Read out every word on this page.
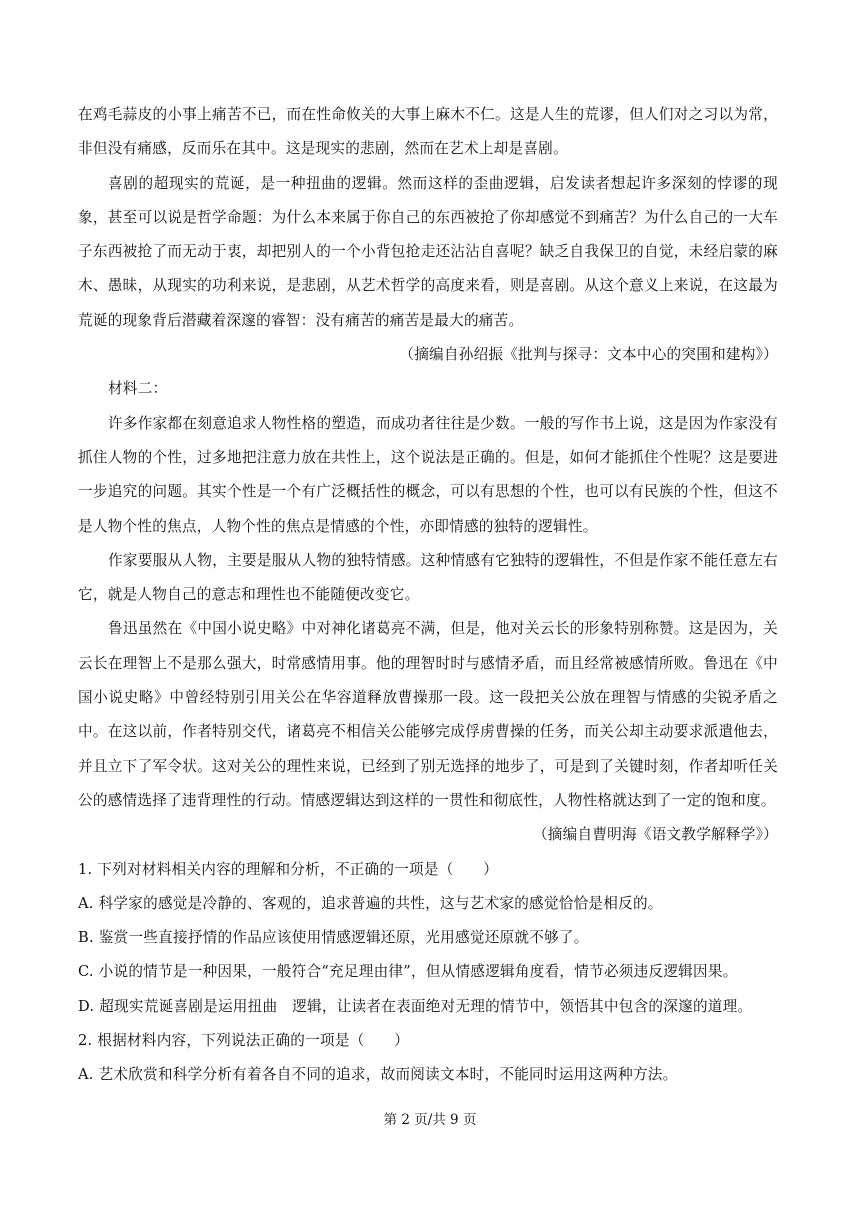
在鸡毛蒜皮的小事上痛苦不已，而在性命攸关的大事上麻木不仁。这是人生的荒谬，但人们对之习以为常，非但没有痛感，反而乐在其中。这是现实的悲剧，然而在艺术上却是喜剧。

喜剧的超现实的荒诞，是一种扭曲的逻辑。然而这样的歪曲逻辑，启发读者想起许多深刻的悖谬的现象，甚至可以说是哲学命题：为什么本来属于你自己的东西被抢了你却感觉不到痛苦？为什么自己的一大车子东西被抢了而无动于衷，却把别人的一个小背包抢走还沾沾自喜呢？缺乏自我保卫的自觉，未经启蒙的麻木、愚昧，从现实的功利来说，是悲剧，从艺术哲学的高度来看，则是喜剧。从这个意义上来说，在这最为荒诞的现象背后潜藏着深邃的睿智：没有痛苦的痛苦是最大的痛苦。

（摘编自孙绍振《批判与探寻：文本中心的突围和建构》）

材料二：

许多作家都在刻意追求人物性格的塑造，而成功者往往是少数。一般的写作书上说，这是因为作家没有抓住人物的个性，过多地把注意力放在共性上，这个说法是正确的。但是，如何才能抓住个性呢？这是要进一步追究的问题。其实个性是一个有广泛概括性的概念，可以有思想的个性，也可以有民族的个性，但这不是人物个性的焦点，人物个性的焦点是情感的个性，亦即情感的独特的逻辑性。

作家要服从人物，主要是服从人物的独特情感。这种情感有它独特的逻辑性，不但是作家不能任意左右它，就是人物自己的意志和理性也不能随便改变它。

鲁迅虽然在《中国小说史略》中对神化诸葛亮不满，但是，他对关云长的形象特别称赞。这是因为，关云长在理智上不是那么强大，时常感情用事。他的理智时时与感情矛盾，而且经常被感情所败。鲁迅在《中国小说史略》中曾经特别引用关公在华容道释放曹操那一段。这一段把关公放在理智与情感的尖锐矛盾之中。在这以前，作者特别交代，诸葛亮不相信关公能够完成俘虏曹操的任务，而关公却主动要求派遣他去，并且立下了军令状。这对关公的理性来说，已经到了别无选择的地步了，可是到了关键时刻，作者却听任关公的感情选择了违背理性的行动。情感逻辑达到这样的一贯性和彻底性，人物性格就达到了一定的饱和度。

（摘编自曹明海《语文教学解释学》）

1. 下列对材料相关内容的理解和分析，不正确的一项是（　　）

A. 科学家的感觉是冷静的、客观的，追求普遍的共性，这与艺术家的感觉恰恰是相反的。

B. 鉴赏一些直接抒情的作品应该使用情感逻辑还原，光用感觉还原就不够了。

C. 小说的情节是一种因果，一般符合“充足理由律”，但从情感逻辑角度看，情节必须违反逻辑因果。

D. 超现实荒诞喜剧是运用扭曲　逻辑，让读者在表面绝对无理的情节中，领悟其中包含的深邃的道理。

2. 根据材料内容，下列说法正确的一项是（　　）

A. 艺术欣赏和科学分析有着各自不同的追求，故而阅读文本时，不能同时运用这两种方法。

第 2 页/共 9 页
